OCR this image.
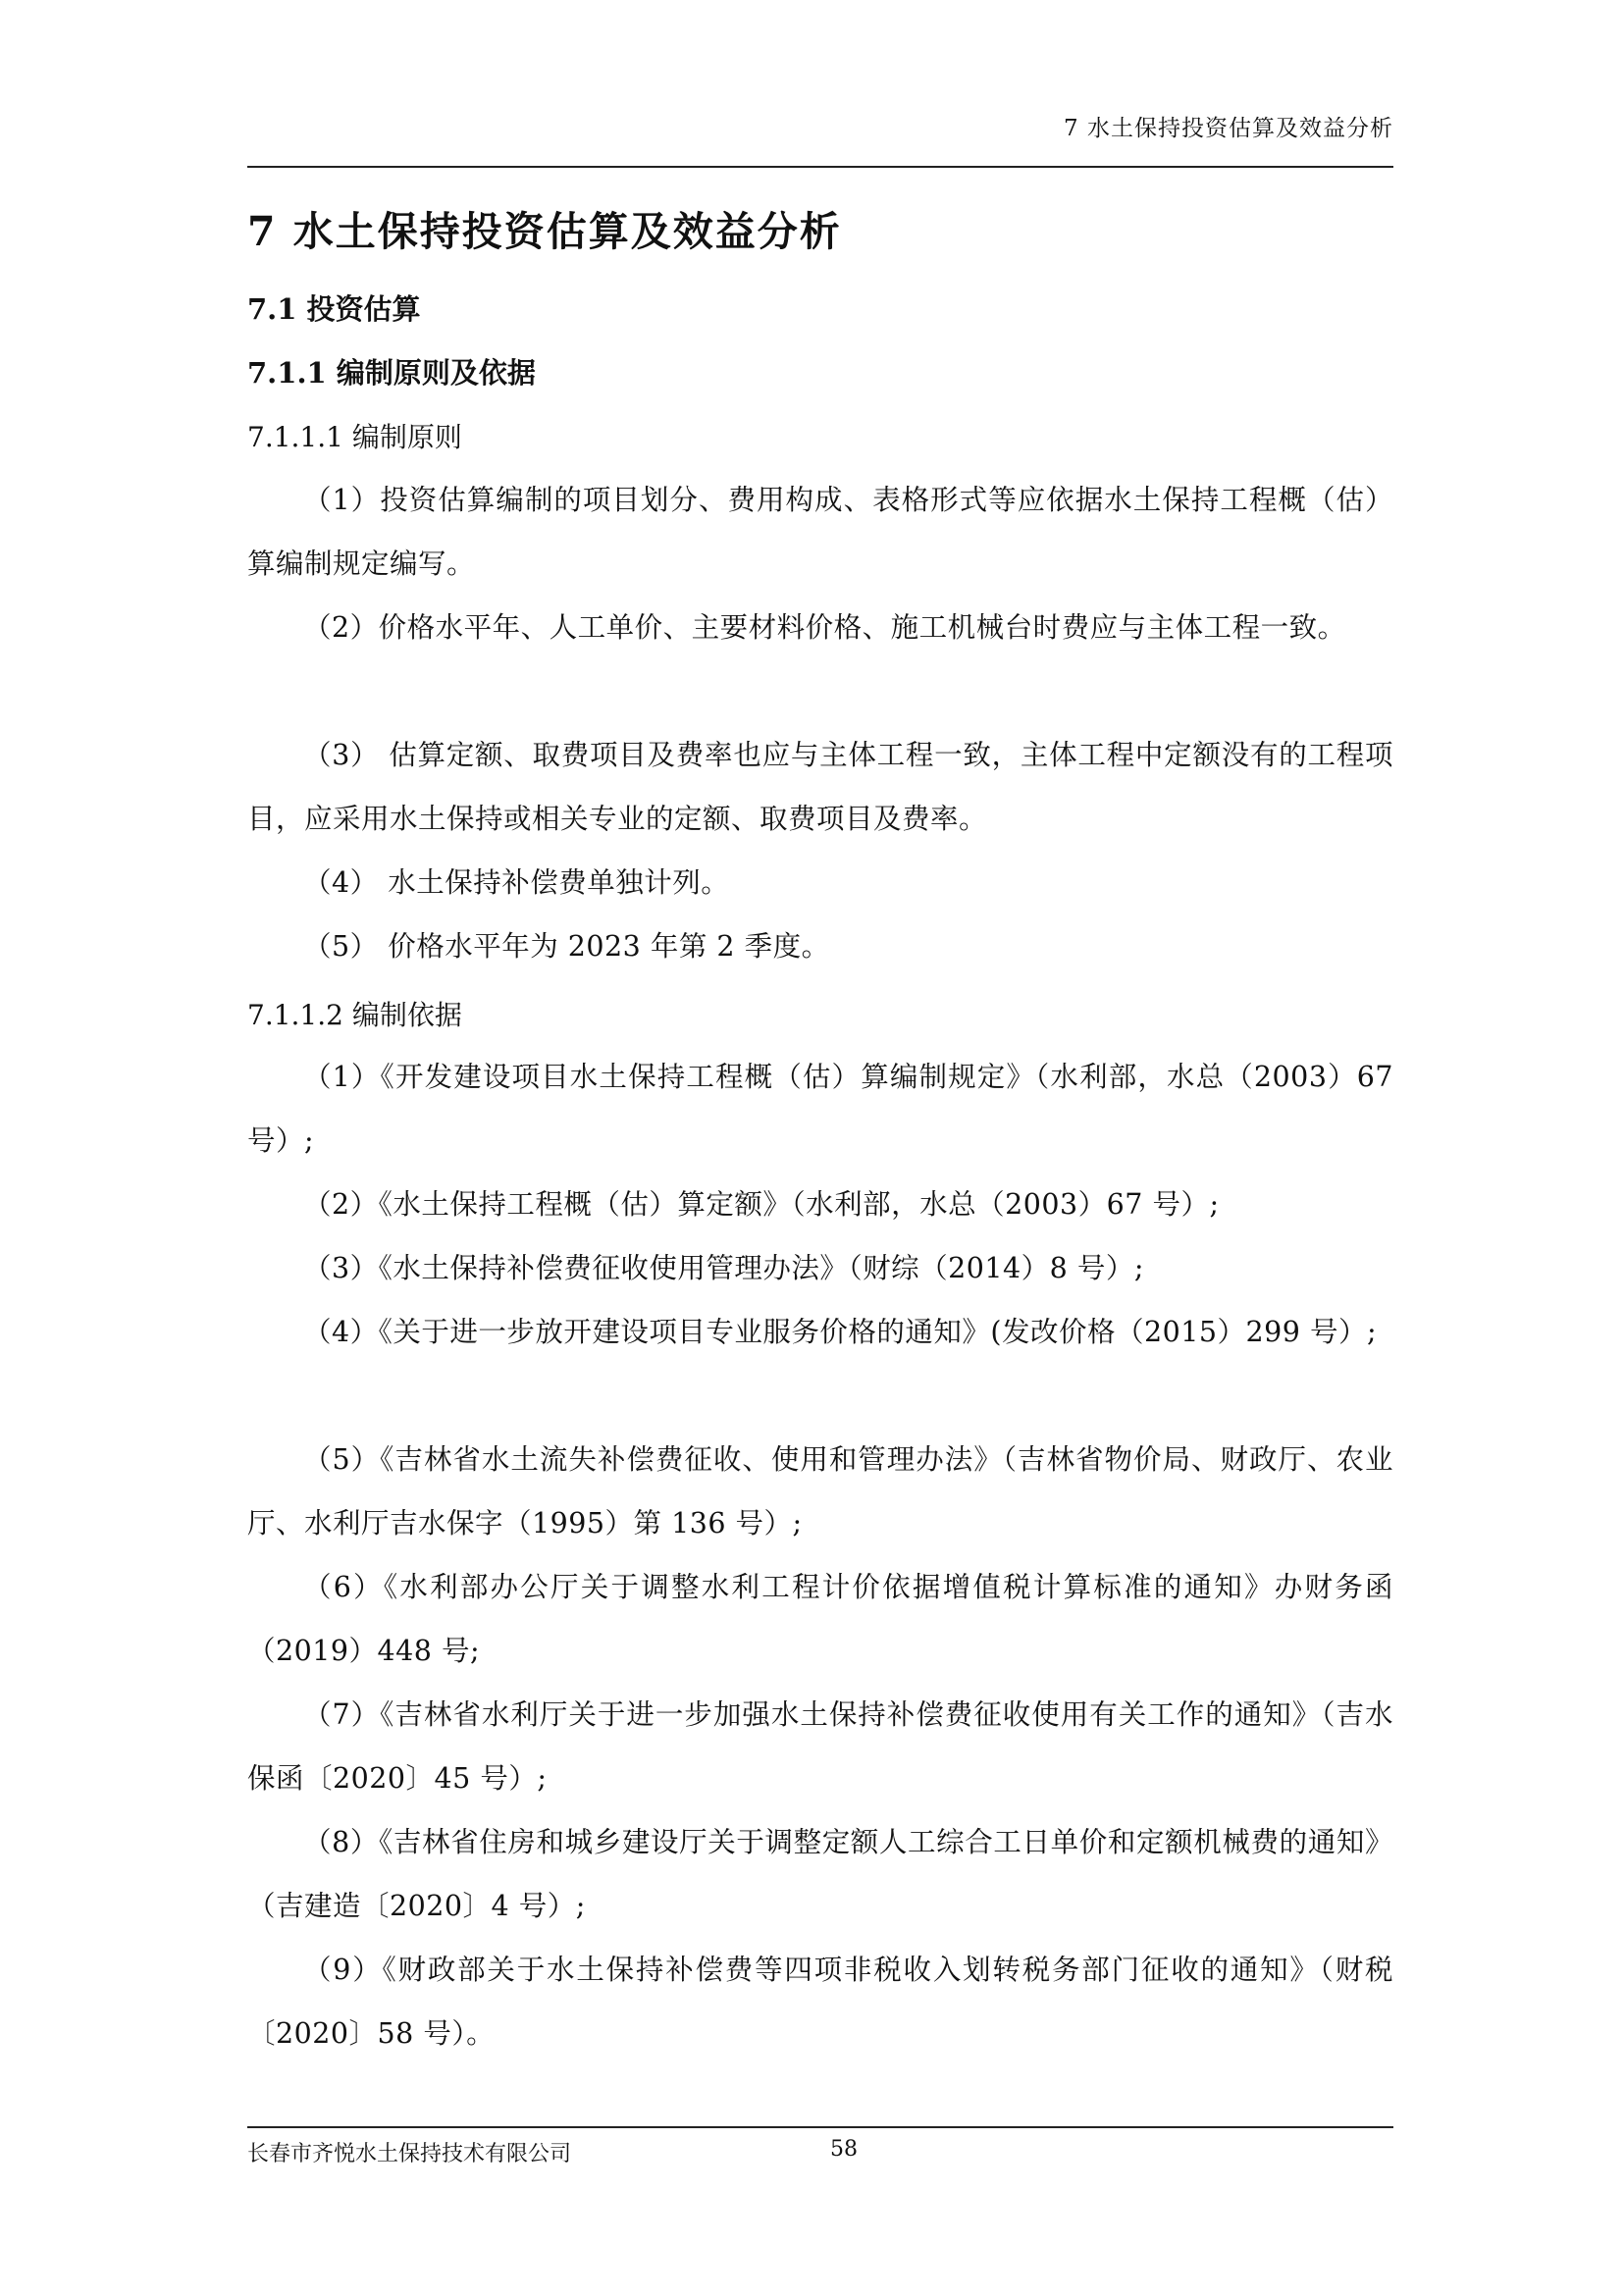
7 水土保持投资估算及效益分析
7 水土保持投资估算及效益分析
7.1 投资估算
7.1.1 编制原则及依据
7.1.1.1 编制原则
（1）投资估算编制的项目划分、费用构成、表格形式等应依据水土保持工程概（估）算编制规定编写。
（2）价格水平年、人工单价、主要材料价格、施工机械台时费应与主体工程一致。
（3） 估算定额、取费项目及费率也应与主体工程一致，主体工程中定额没有的工程项目，应采用水土保持或相关专业的定额、取费项目及费率。
（4） 水土保持补偿费单独计列。
（5） 价格水平年为 2023 年第 2 季度。
7.1.1.2 编制依据
（1）《开发建设项目水土保持工程概（估）算编制规定》（水利部，水总（2003）67 号）;
（2）《水土保持工程概（估）算定额》（水利部，水总（2003）67 号）;
（3）《水土保持补偿费征收使用管理办法》（财综（2014）8 号）;
（4）《关于进一步放开建设项目专业服务价格的通知》(发改价格（2015）299 号）;
（5）《吉林省水土流失补偿费征收、使用和管理办法》（吉林省物价局、财政厅、农业厅、水利厅吉水保字（1995）第 136 号）;
（6）《水利部办公厅关于调整水利工程计价依据增值税计算标准的通知》办财务函（2019）448 号;
（7）《吉林省水利厅关于进一步加强水土保持补偿费征收使用有关工作的通知》（吉水保函〔2020〕45 号）;
（8）《吉林省住房和城乡建设厅关于调整定额人工综合工日单价和定额机械费的通知》（吉建造〔2020〕4 号）;
（9）《财政部关于水土保持补偿费等四项非税收入划转税务部门征收的通知》（财税〔2020〕58 号）。
长春市齐悦水土保持技术有限公司	58
